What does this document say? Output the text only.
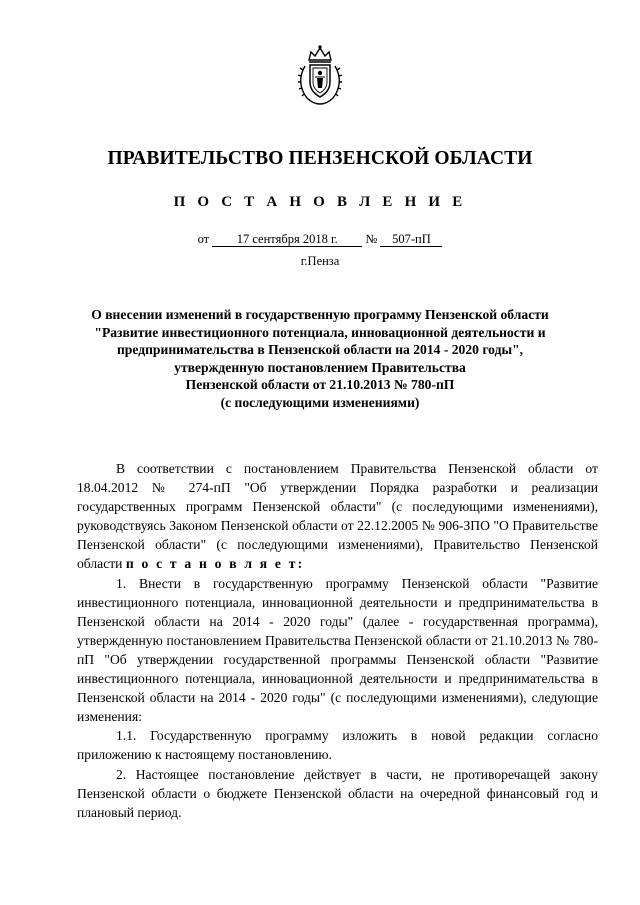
ПРАВИТЕЛЬСТВО ПЕНЗЕНСКОЙ ОБЛАСТИ
П О С Т А Н О В Л Е Н И Е
от 17 сентября 2018 г. № 507-пП
г.Пенза
О внесении изменений в государственную программу Пензенской области
"Развитие инвестиционного потенциала, инновационной деятельности и
предпринимательства в Пензенской области на 2014 - 2020 годы",
утвержденную постановлением Правительства
Пензенской области от 21.10.2013 № 780-пП
(с последующими изменениями)

В соответствии с постановлением Правительства Пензенской области от 18.04.2012 № 274-пП "Об утверждении Порядка разработки и реализации государственных программ Пензенской области" (с последующими изменениями), руководствуясь Законом Пензенской области от 22.12.2005 № 906-ЗПО "О Правительстве Пензенской области" (с последующими изменениями), Правительство Пензенской области п о с т а н о в л я е т:

1. Внести в государственную программу Пензенской области "Развитие инвестиционного потенциала, инновационной деятельности и предпринимательства в Пензенской области на 2014 - 2020 годы" (далее - государственная программа), утвержденную постановлением Правительства Пензенской области от 21.10.2013 № 780-пП "Об утверждении государственной программы Пензенской области "Развитие инвестиционного потенциала, инновационной деятельности и предпринимательства в Пензенской области на 2014 - 2020 годы" (с последующими изменениями), следующие изменения:

1.1. Государственную программу изложить в новой редакции согласно приложению к настоящему постановлению.

2. Настоящее постановление действует в части, не противоречащей закону Пензенской области о бюджете Пензенской области на очередной финансовый год и плановый период.
